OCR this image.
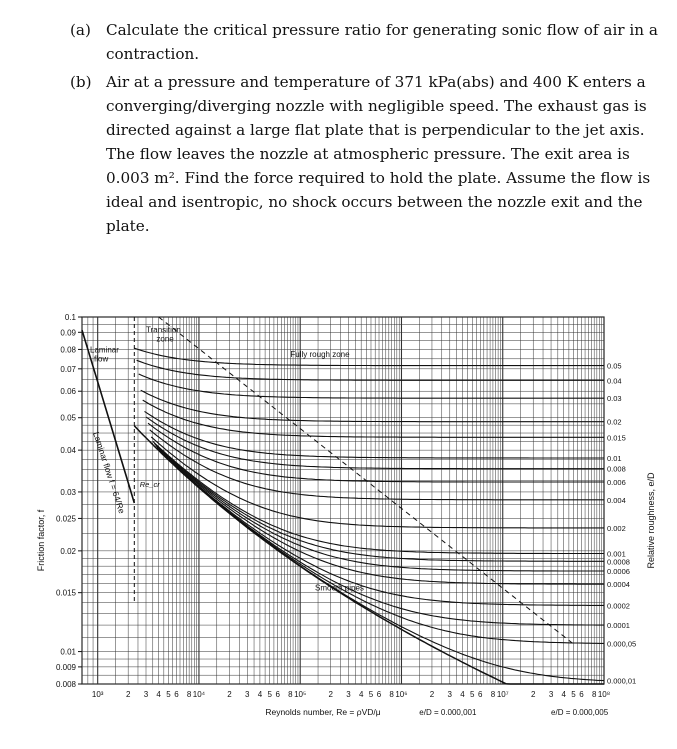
(a) Calculate the critical pressure ratio for generating sonic flow of air in a contraction.
(b) Air at a pressure and temperature of 371 kPa(abs) and 400 K enters a converging/diverging nozzle with negligible speed. The exhaust gas is directed against a large flat plate that is perpendicular to the jet axis. The flow leaves the nozzle at atmospheric pressure. The exit area is 0.003 m². Find the force required to hold the plate. Assume the flow is ideal and isentropic, no shock occurs between the nozzle exit and the plate.
0.1
0.09
0.08
0.07
0.06
0.05
0.04
0.03
0.025
0.02
0.015
0.01
0.009
0.008
10³	2 3 4 5 6 8 10⁴	2 3 4 5 6 8 10⁵	2 3 4 5 6 8 10⁶	2 3 4 5 6 8 10⁷	2 3 4 5 6 8 10⁸
0.05
0.04
0.03
0.02
0.015
0.01
0.008
0.006
0.004
0.002
0.001
0.0008
0.0006
0.0004
0.0002
0.0001
0.000,05
0.000,01
Laminar
flow
Transition
zone
Fully rough zone
Laminar flow f = 64/Re Re_cr
Smooth pipes
e/D = 0.000,001	e/D = 0.000,005
Reynolds number, Re = ρVD/μ
Friction factor, f	Relative roughness, e/D
